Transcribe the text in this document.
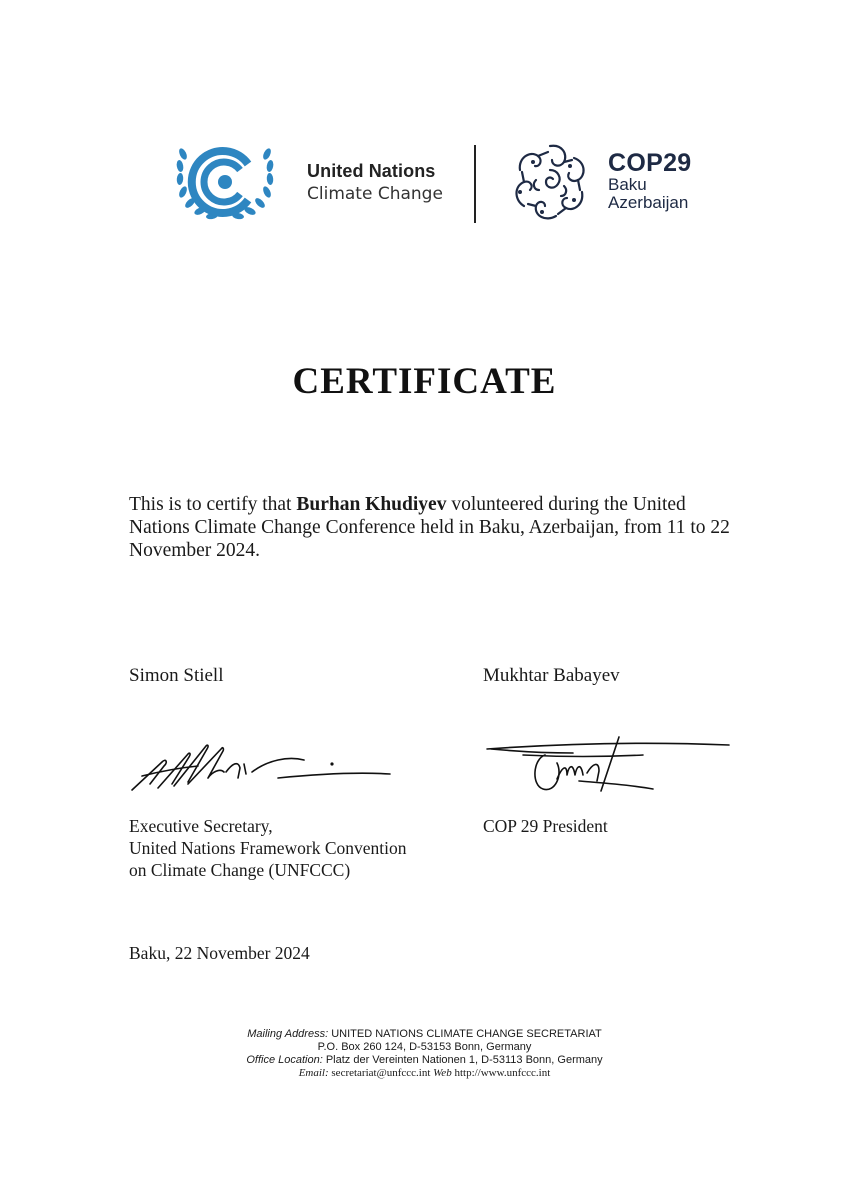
United Nations
Climate Change
COP29
Baku
Azerbaijan
CERTIFICATE
This is to certify that Burhan Khudiyev volunteered during the United Nations Climate Change Conference held in Baku, Azerbaijan, from 11 to 22 November 2024.
Simon Stiell	Mukhtar Babayev
Executive Secretary,
United Nations Framework Convention
on Climate Change (UNFCCC)
COP 29 President
Baku, 22 November 2024
Mailing Address: UNITED NATIONS CLIMATE CHANGE SECRETARIAT
P.O. Box 260 124, D-53153 Bonn, Germany
Office Location: Platz der Vereinten Nationen 1, D-53113 Bonn, Germany
Email: secretariat@unfccc.int Web http://www.unfccc.int
